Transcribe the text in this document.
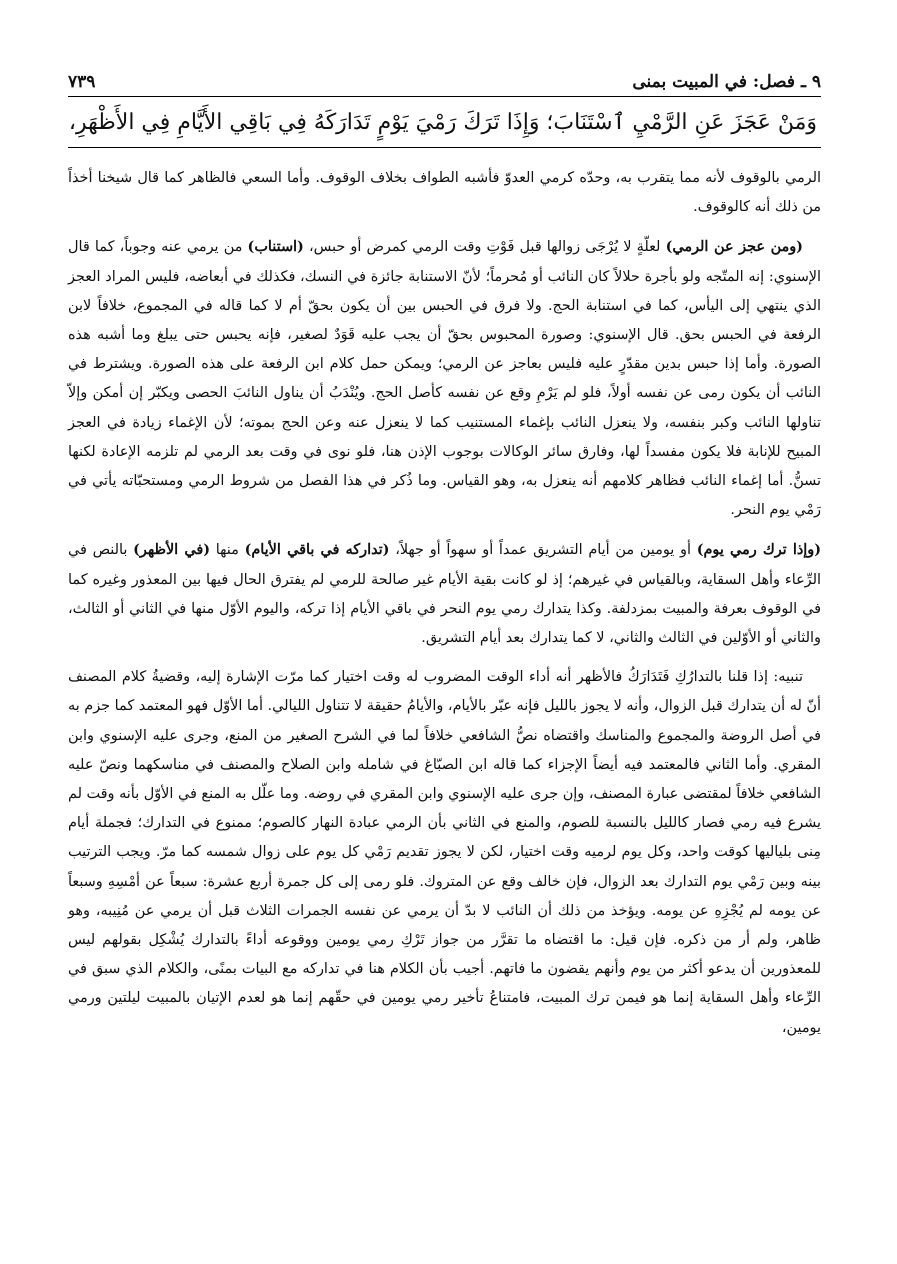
٩ ـ
فصل: في المبيت بمنى
٧٣٩
وَمَنْ عَجَزَ عَنِ الرَّمْيِ ٱسْتَنَابَ؛ وَإِذَا تَرَكَ رَمْيَ يَوْمٍ تَدَارَكَهُ فِي بَاقِي الأَيَّامِ فِي الأَظْهَرِ،

الرمي بالوقوف لأنه مما يتقرب به، وحدّه كرمي العدوّ فأشبه الطواف بخلاف الوقوف. وأما السعي فالظاهر كما قال شيخنا أخذاً من ذلك أنه كالوقوف.

(ومن عجز عن الرمي) لعلّةٍ لا يُرْجَى زوالها قبل فَوْتِ وقت الرمي كمرض أو حبس، (استناب) من يرمي عنه وجوباً، كما قال الإسنوي: إنه المتّجه ولو بأجرة حلالاً كان النائب أو مُحرماً؛ لأنّ الاستنابة جائزة في النسك، فكذلك في أبعاضه، فليس المراد العجز الذي ينتهي إلى اليأس، كما في استنابة الحج. ولا فرق في الحبس بين أن يكون بحقّ أم لا كما قاله في المجموع، خلافاً لابن الرفعة في الحبس بحق. قال الإسنوي: وصورة المحبوس بحقّ أن يجب عليه قَوَدٌ لصغير، فإنه يحبس حتى يبلغ وما أشبه هذه الصورة. وأما إذا حبس بدين مقدّرٍ عليه فليس بعاجز عن الرمي؛ ويمكن حمل كلام ابن الرفعة على هذه الصورة. ويشترط في النائب أن يكون رمى عن نفسه أولاً، فلو لم يَرْمِ وقع عن نفسه كأصل الحج. ويُنْدَبُ أن يناول النائبَ الحصى ويكبّر إن أمكن وإلاّ تناولها النائب وكبر بنفسه، ولا ينعزل النائب بإغماء المستنيب كما لا ينعزل عنه وعن الحج بموته؛ لأن الإغماء زيادة في العجز المبيح للإنابة فلا يكون مفسداً لها، وفارق سائر الوكالات بوجوب الإذن هنا، فلو نوى في وقت بعد الرمي لم تلزمه الإعادة لكنها تسنُّ. أما إغماء النائب فظاهر كلامهم أنه ينعزل به، وهو القياس. وما ذُكر في هذا الفصل من شروط الرمي ومستحبّاته يأتي في رَمْي يوم النحر.

(وإذا ترك رمي يوم) أو يومين من أيام التشريق عمداً أو سهواً أو جهلاً، (تداركه في باقي الأيام) منها (في الأظهر) بالنص في الرِّعاء وأهل السقاية، وبالقياس في غيرهم؛ إذ لو كانت بقية الأيام غير صالحة للرمي لم يفترق الحال فيها بين المعذور وغيره كما في الوقوف بعرفة والمبيت بمزدلفة. وكذا يتدارك رمي يوم النحر في باقي الأيام إذا تركه، واليوم الأوّل منها في الثاني أو الثالث، والثاني أو الأوّلين في الثالث والثاني، لا كما يتدارك بعد أيام التشريق.

تنبيه: إذا قلنا بالتدارُكِ فَتَدَارَكُ فالأظهر أنه أداء الوقت المضروب له وقت اختيار كما مرّت الإشارة إليه، وقضيةُ كلام المصنف أنّ له أن يتدارك قبل الزوال، وأنه لا يجوز بالليل فإنه عبّر بالأيام، والأيامُ حقيقة لا تتناول الليالي. أما الأوّل فهو المعتمد كما جزم به في أصل الروضة والمجموع والمناسك واقتضاه نصُّ الشافعي خلافاً لما في الشرح الصغير من المنع، وجرى عليه الإسنوي وابن المقري. وأما الثاني فالمعتمد فيه أيضاً الإجزاء كما قاله ابن الصبّاغ في شامله وابن الصلاح والمصنف في مناسكهما ونصّ عليه الشافعي خلافاً لمقتضى عبارة المصنف، وإن جرى عليه الإسنوي وابن المقري في روضه. وما علّل به المنع في الأوّل بأنه وقت لم يشرع فيه رمي فصار كالليل بالنسبة للصوم، والمنع في الثاني بأن الرمي عبادة النهار كالصوم؛ ممنوع في التدارك؛ فجملة أيام مِنى بلياليها كوقت واحد، وكل يوم لرميه وقت اختيار، لكن لا يجوز تقديم رَمْي كل يوم على زوال شمسه كما مرّ. ويجب الترتيب بينه وبين رَمْي يوم التدارك بعد الزوال، فإن خالف وقع عن المتروك. فلو رمى إلى كل جمرة أربع عشرة: سبعاً عن أمْسِهِ وسبعاً عن يومه لم يُجْزِهِ عن يومه. ويؤخذ من ذلك أن النائب لا بدّ أن يرمي عن نفسه الجمرات الثلاث قبل أن يرمي عن مُنِيبه، وهو ظاهر، ولم أر من ذكره. فإن قيل: ما اقتضاه ما تقرَّر من جواز تَرْكِ رمي يومين ووقوعه أداءً بالتدارك يُشْكِل بقولهم ليس للمعذورين أن يدعو أكثر من يوم وأنهم يقضون ما فاتهم. أجيب بأن الكلام هنا في تداركه مع البيات بمنًى، والكلام الذي سبق في الرِّعاء وأهل السقاية إنما هو فيمن ترك المبيت، فامتناعُ تأخير رمي يومين في حقّهم إنما هو لعدم الإتيان بالمبيت ليلتين ورمي يومين،
